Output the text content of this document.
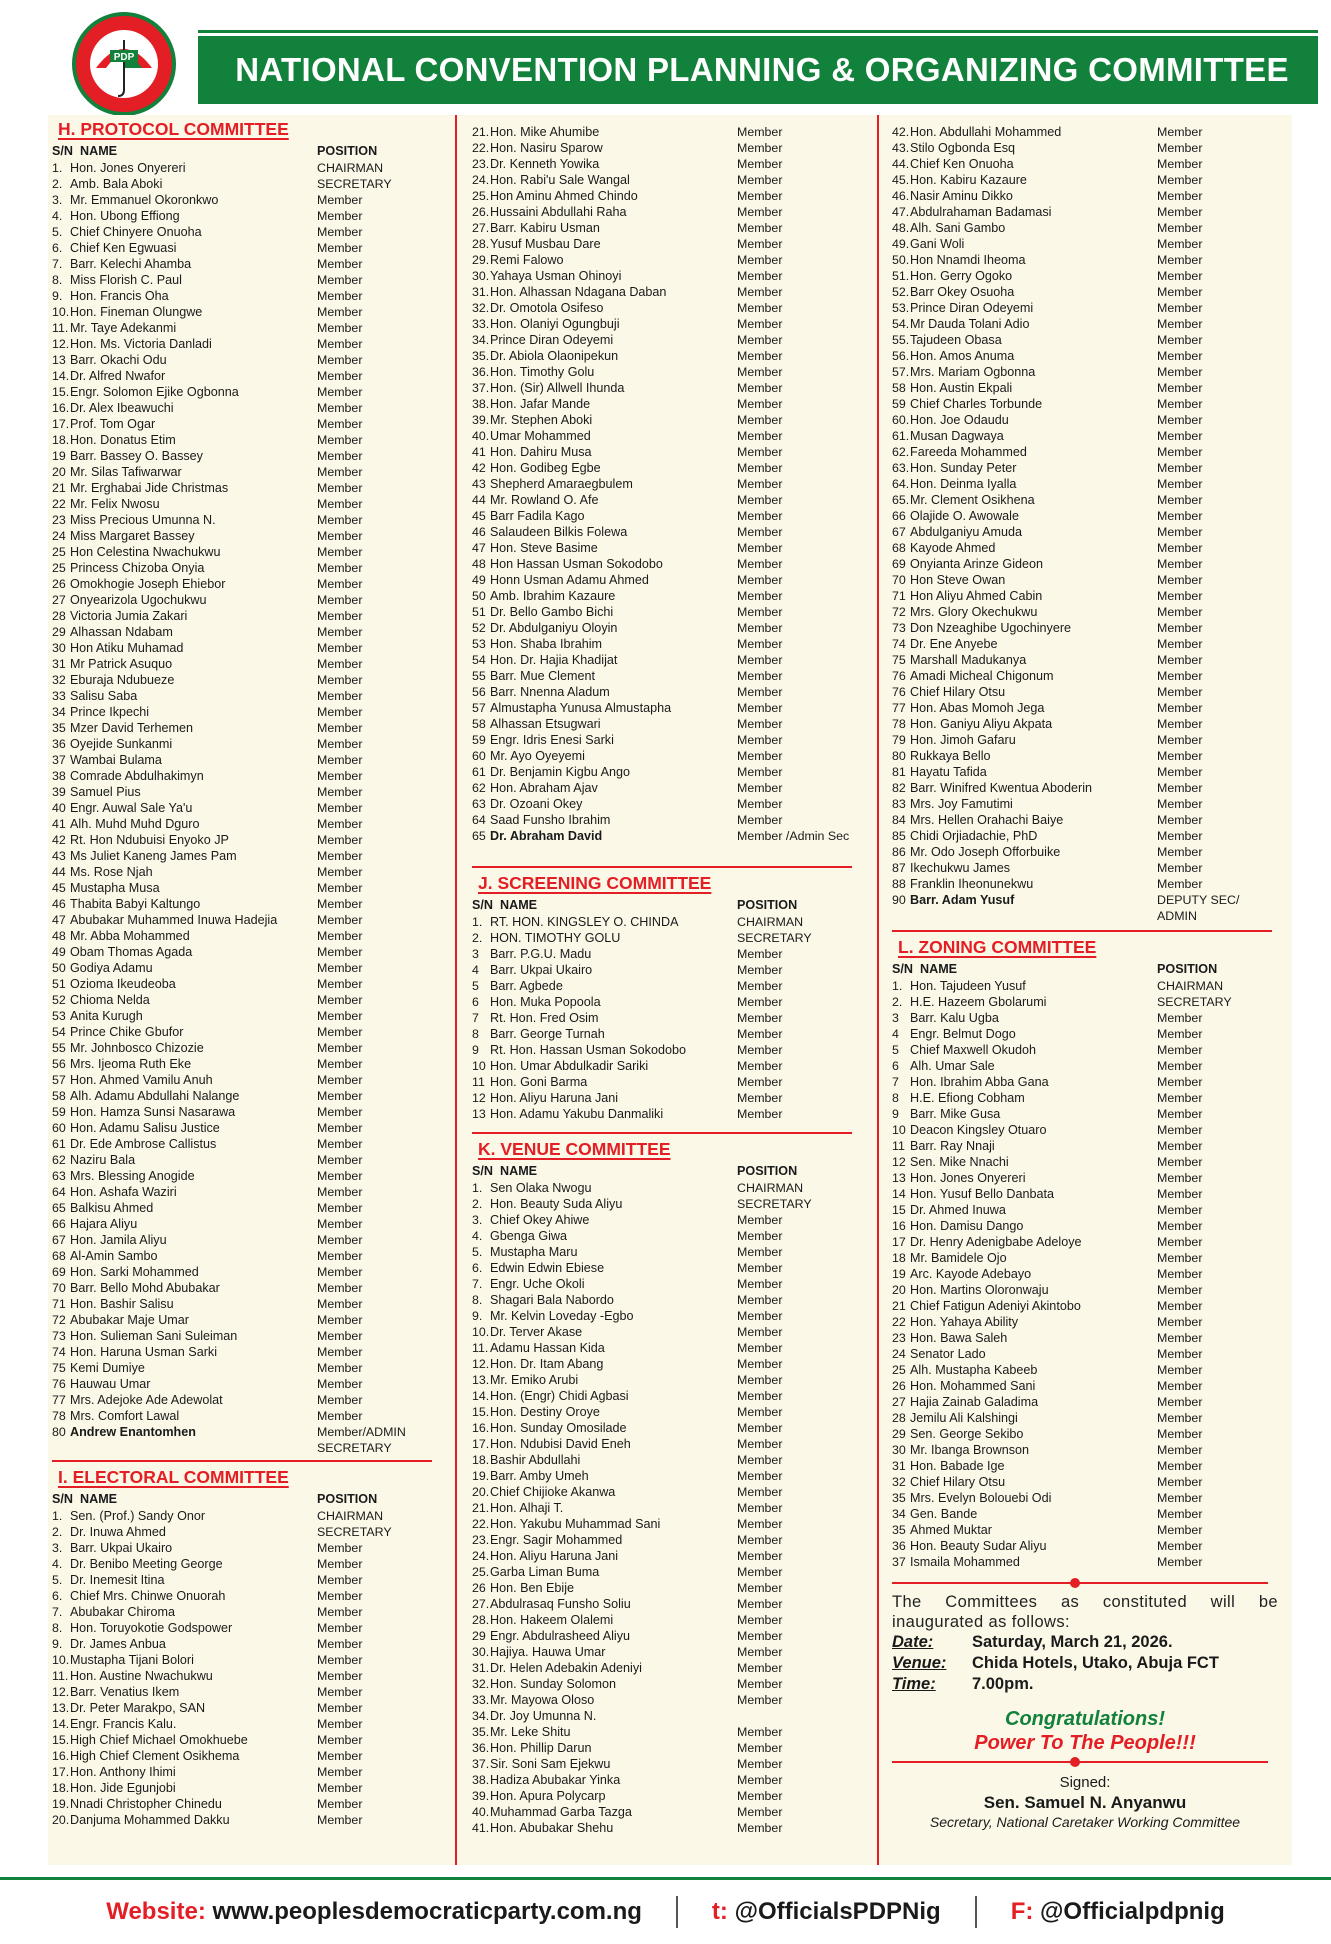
NATIONAL CONVENTION PLANNING & ORGANIZING COMMITTEE
PDP
H. PROTOCOL COMMITTEE
S/N NAME	POSITION
1. Hon. Jones Onyereri	CHAIRMAN
2. Amb. Bala Aboki	SECRETARY
3. Mr. Emmanuel Okoronkwo	Member
4. Hon. Ubong Effiong	Member
5. Chief Chinyere Onuoha	Member
6. Chief Ken Egwuasi	Member
7. Barr. Kelechi Ahamba	Member
8. Miss Florish C. Paul	Member
9. Hon. Francis Oha	Member
10. Hon. Fineman Olungwe	Member
11. Mr. Taye Adekanmi	Member
12. Hon. Ms. Victoria Danladi	Member
13 Barr. Okachi Odu	Member
14. Dr. Alfred Nwafor	Member
15. Engr. Solomon Ejike Ogbonna	Member
16. Dr. Alex Ibeawuchi	Member
17. Prof. Tom Ogar	Member
18. Hon. Donatus Etim	Member
19 Barr. Bassey O. Bassey	Member
20 Mr. Silas Tafiwarwar	Member
21 Mr. Erghabai Jide Christmas	Member
22 Mr. Felix Nwosu	Member
23 Miss Precious Umunna N.	Member
24 Miss Margaret Bassey	Member
25 Hon Celestina Nwachukwu	Member
25 Princess Chizoba Onyia	Member
26 Omokhogie Joseph Ehiebor	Member
27 Onyearizola Ugochukwu	Member
28 Victoria Jumia Zakari	Member
29 Alhassan Ndabam	Member
30 Hon Atiku Muhamad	Member
31 Mr Patrick Asuquo	Member
32 Eburaja Ndubueze	Member
33 Salisu Saba	Member
34 Prince Ikpechi	Member
35 Mzer David Terhemen	Member
36 Oyejide Sunkanmi	Member
37 Wambai Bulama	Member
38 Comrade Abdulhakimyn	Member
39 Samuel Pius	Member
40 Engr. Auwal Sale Ya'u	Member
41 Alh. Muhd Muhd Dguro	Member
42 Rt. Hon Ndubuisi Enyoko JP	Member
43 Ms Juliet Kaneng James Pam	Member
44 Ms. Rose Njah	Member
45 Mustapha Musa	Member
46 Thabita Babyi Kaltungo	Member
47 Abubakar Muhammed Inuwa Hadejia	Member
48 Mr. Abba Mohammed	Member
49 Obam Thomas Agada	Member
50 Godiya Adamu	Member
51 Ozioma Ikeudeoba	Member
52 Chioma Nelda	Member
53 Anita Kurugh	Member
54 Prince Chike Gbufor	Member
55 Mr. Johnbosco Chizozie	Member
56 Mrs. Ijeoma Ruth Eke	Member
57 Hon. Ahmed Vamilu Anuh	Member
58 Alh. Adamu Abdullahi Nalange	Member
59 Hon. Hamza Sunsi Nasarawa	Member
60 Hon. Adamu Salisu Justice	Member
61 Dr. Ede Ambrose Callistus	Member
62 Naziru Bala	Member
63 Mrs. Blessing Anogide	Member
64 Hon. Ashafa Waziri	Member
65 Balkisu Ahmed	Member
66 Hajara Aliyu	Member
67 Hon. Jamila Aliyu	Member
68 Al-Amin Sambo	Member
69 Hon. Sarki Mohammed	Member
70 Barr. Bello Mohd Abubakar	Member
71 Hon. Bashir Salisu	Member
72 Abubakar Maje Umar	Member
73 Hon. Sulieman Sani Suleiman	Member
74 Hon. Haruna Usman Sarki	Member
75 Kemi Dumiye	Member
76 Hauwau Umar	Member
77 Mrs. Adejoke Ade Adewolat	Member
78 Mrs. Comfort Lawal	Member
80 Andrew Enantomhen	Member/ADMIN SECRETARY
I. ELECTORAL COMMITTEE
S/N NAME	POSITION
1. Sen. (Prof.) Sandy Onor	CHAIRMAN
2. Dr. Inuwa Ahmed	SECRETARY
3. Barr. Ukpai Ukairo	Member
4. Dr. Benibo Meeting George	Member
5. Dr. Inemesit Itina	Member
6. Chief Mrs. Chinwe Onuorah	Member
7. Abubakar Chiroma	Member
8. Hon. Toruyokotie Godspower	Member
9. Dr. James Anbua	Member
10. Mustapha Tijani Bolori	Member
11. Hon. Austine Nwachukwu	Member
12. Barr. Venatius Ikem	Member
13. Dr. Peter Marakpo, SAN	Member
14. Engr. Francis Kalu.	Member
15. High Chief Michael Omokhuebe	Member
16. High Chief Clement Osikhema	Member
17. Hon. Anthony Ihimi	Member
18. Hon. Jide Egunjobi	Member
19. Nnadi Christopher Chinedu	Member
20. Danjuma Mohammed Dakku	Member
21. Hon. Mike Ahumibe	Member
22. Hon. Nasiru Sparow	Member
23. Dr. Kenneth Yowika	Member
24. Hon. Rabi'u Sale Wangal	Member
25. Hon Aminu Ahmed Chindo	Member
26. Hussaini Abdullahi Raha	Member
27. Barr. Kabiru Usman	Member
28. Yusuf Musbau Dare	Member
29. Remi Falowo	Member
30. Yahaya Usman Ohinoyi	Member
31. Hon. Alhassan Ndagana Daban	Member
32. Dr. Omotola Osifeso	Member
33. Hon. Olaniyi Ogungbuji	Member
34. Prince Diran Odeyemi	Member
35. Dr. Abiola Olaonipekun	Member
36. Hon. Timothy Golu	Member
37. Hon. (Sir) Allwell Ihunda	Member
38. Hon. Jafar Mande	Member
39. Mr. Stephen Aboki	Member
40. Umar Mohammed	Member
41 Hon. Dahiru Musa	Member
42 Hon. Godibeg Egbe	Member
43 Shepherd Amaraegbulem	Member
44 Mr. Rowland O. Afe	Member
45 Barr Fadila Kago	Member
46 Salaudeen Bilkis Folewa	Member
47 Hon. Steve Basime	Member
48 Hon Hassan Usman Sokodobo	Member
49 Honn Usman Adamu Ahmed	Member
50 Amb. Ibrahim Kazaure	Member
51 Dr. Bello Gambo Bichi	Member
52 Dr. Abdulganiyu Oloyin	Member
53 Hon. Shaba Ibrahim	Member
54 Hon. Dr. Hajia Khadijat	Member
55 Barr. Mue Clement	Member
56 Barr. Nnenna Aladum	Member
57 Almustapha Yunusa Almustapha	Member
58 Alhassan Etsugwari	Member
59 Engr. Idris Enesi Sarki	Member
60 Mr. Ayo Oyeyemi	Member
61 Dr. Benjamin Kigbu Ango	Member
62 Hon. Abraham Ajav	Member
63 Dr. Ozoani Okey	Member
64 Saad Funsho Ibrahim	Member
65 Dr. Abraham David	Member /Admin Sec
J. SCREENING COMMITTEE
S/N NAME	POSITION
1. RT. HON. KINGSLEY O. CHINDA	CHAIRMAN
2. HON. TIMOTHY GOLU	SECRETARY
3 Barr. P.G.U. Madu	Member
4 Barr. Ukpai Ukairo	Member
5 Barr. Agbede	Member
6 Hon. Muka Popoola	Member
7 Rt. Hon. Fred Osim	Member
8 Barr. George Turnah	Member
9 Rt. Hon. Hassan Usman Sokodobo	Member
10 Hon. Umar Abdulkadir Sariki	Member
11 Hon. Goni Barma	Member
12 Hon. Aliyu Haruna Jani	Member
13 Hon. Adamu Yakubu Danmaliki	Member
K. VENUE COMMITTEE
S/N NAME	POSITION
1. Sen Olaka Nwogu	CHAIRMAN
2. Hon. Beauty Suda Aliyu	SECRETARY
3. Chief Okey Ahiwe	Member
4. Gbenga Giwa	Member
5. Mustapha Maru	Member
6. Edwin Edwin Ebiese	Member
7. Engr. Uche Okoli	Member
8. Shagari Bala Nabordo	Member
9. Mr. Kelvin Loveday -Egbo	Member
10. Dr. Terver Akase	Member
11. Adamu Hassan Kida	Member
12. Hon. Dr. Itam Abang	Member
13. Mr. Emiko Arubi	Member
14. Hon. (Engr) Chidi Agbasi	Member
15. Hon. Destiny Oroye	Member
16. Hon. Sunday Omosilade	Member
17. Hon. Ndubisi David Eneh	Member
18. Bashir Abdullahi	Member
19. Barr. Amby Umeh	Member
20. Chief Chijioke Akanwa	Member
21. Hon. Alhaji T.	Member
22. Hon. Yakubu Muhammad Sani	Member
23. Engr. Sagir Mohammed	Member
24. Hon. Aliyu Haruna Jani	Member
25. Garba Liman Buma	Member
26 Hon. Ben Ebije	Member
27. Abdulrasaq Funsho Soliu	Member
28. Hon. Hakeem Olalemi	Member
29 Engr. Abdulrasheed Aliyu	Member
30. Hajiya. Hauwa Umar	Member
31. Dr. Helen Adebakin Adeniyi	Member
32. Hon. Sunday Solomon	Member
33. Mr. Mayowa Oloso	Member
34. Dr. Joy Umunna N.
35. Mr. Leke Shitu	Member
36. Hon. Phillip Darun	Member
37. Sir. Soni Sam Ejekwu	Member
38. Hadiza Abubakar Yinka	Member
39. Hon. Apura Polycarp	Member
40. Muhammad Garba Tazga	Member
41. Hon. Abubakar Shehu	Member
42. Hon. Abdullahi Mohammed	Member
43. Stilo Ogbonda Esq	Member
44. Chief Ken Onuoha	Member
45. Hon. Kabiru Kazaure	Member
46. Nasir Aminu Dikko	Member
47. Abdulrahaman Badamasi	Member
48. Alh. Sani Gambo	Member
49. Gani Woli	Member
50. Hon Nnamdi Iheoma	Member
51. Hon. Gerry Ogoko	Member
52. Barr Okey Osuoha	Member
53. Prince Diran Odeyemi	Member
54. Mr Dauda Tolani Adio	Member
55. Tajudeen Obasa	Member
56. Hon. Amos Anuma	Member
57. Mrs. Mariam Ogbonna	Member
58 Hon. Austin Ekpali	Member
59 Chief Charles Torbunde	Member
60. Hon. Joe Odaudu	Member
61. Musan Dagwaya	Member
62. Fareeda Mohammed	Member
63. Hon. Sunday Peter	Member
64. Hon. Deinma Iyalla	Member
65. Mr. Clement Osikhena	Member
66 Olajide O. Awowale	Member
67 Abdulganiyu Amuda	Member
68 Kayode Ahmed	Member
69 Onyianta Arinze Gideon	Member
70 Hon Steve Owan	Member
71 Hon Aliyu Ahmed Cabin	Member
72 Mrs. Glory Okechukwu	Member
73 Don Nzeaghibe Ugochinyere	Member
74 Dr. Ene Anyebe	Member
75 Marshall Madukanya	Member
76 Amadi Micheal Chigonum	Member
76 Chief Hilary Otsu	Member
77 Hon. Abas Momoh Jega	Member
78 Hon. Ganiyu Aliyu Akpata	Member
79 Hon. Jimoh Gafaru	Member
80 Rukkaya Bello	Member
81 Hayatu Tafida	Member
82 Barr. Winifred Kwentua Aboderin	Member
83 Mrs. Joy Famutimi	Member
84 Mrs. Hellen Orahachi Baiye	Member
85 Chidi Orjiadachie, PhD	Member
86 Mr. Odo Joseph Offorbuike	Member
87 Ikechukwu James	Member
88 Franklin Iheonunekwu	Member
90 Barr. Adam Yusuf	DEPUTY SEC/ ADMIN
L. ZONING COMMITTEE
S/N NAME	POSITION
1. Hon. Tajudeen Yusuf	CHAIRMAN
2. H.E. Hazeem Gbolarumi	SECRETARY
3 Barr. Kalu Ugba	Member
4 Engr. Belmut Dogo	Member
5 Chief Maxwell Okudoh	Member
6 Alh. Umar Sale	Member
7 Hon. Ibrahim Abba Gana	Member
8 H.E. Efiong Cobham	Member
9 Barr. Mike Gusa	Member
10 Deacon Kingsley Otuaro	Member
11 Barr. Ray Nnaji	Member
12 Sen. Mike Nnachi	Member
13 Hon. Jones Onyereri	Member
14 Hon. Yusuf Bello Danbata	Member
15 Dr. Ahmed Inuwa	Member
16 Hon. Damisu Dango	Member
17 Dr. Henry Adenigbabe Adeloye	Member
18 Mr. Bamidele Ojo	Member
19 Arc. Kayode Adebayo	Member
20 Hon. Martins Oloronwaju	Member
21 Chief Fatigun Adeniyi Akintobo	Member
22 Hon. Yahaya Ability	Member
23 Hon. Bawa Saleh	Member
24 Senator Lado	Member
25 Alh. Mustapha Kabeeb	Member
26 Hon. Mohammed Sani	Member
27 Hajia Zainab Galadima	Member
28 Jemilu Ali Kalshingi	Member
29 Sen. George Sekibo	Member
30 Mr. Ibanga Brownson	Member
31 Hon. Babade Ige	Member
32 Chief Hilary Otsu	Member
35 Mrs. Evelyn Bolouebi Odi	Member
34 Gen. Bande	Member
35 Ahmed Muktar	Member
36 Hon. Beauty Sudar Aliyu	Member
37 Ismaila Mohammed	Member
The Committees as constituted will be inaugurated as follows:
Date:	Saturday, March 21, 2026.
Venue:	Chida Hotels, Utako, Abuja FCT
Time:	7.00pm.
Congratulations!
Power To The People!!!
Signed:
Sen. Samuel N. Anyanwu
Secretary, National Caretaker Working Committee
Website:
www.peoplesdemocraticparty.com.ng	t:
@OfficialsPDPNig	F:
@Officialpdpnig
